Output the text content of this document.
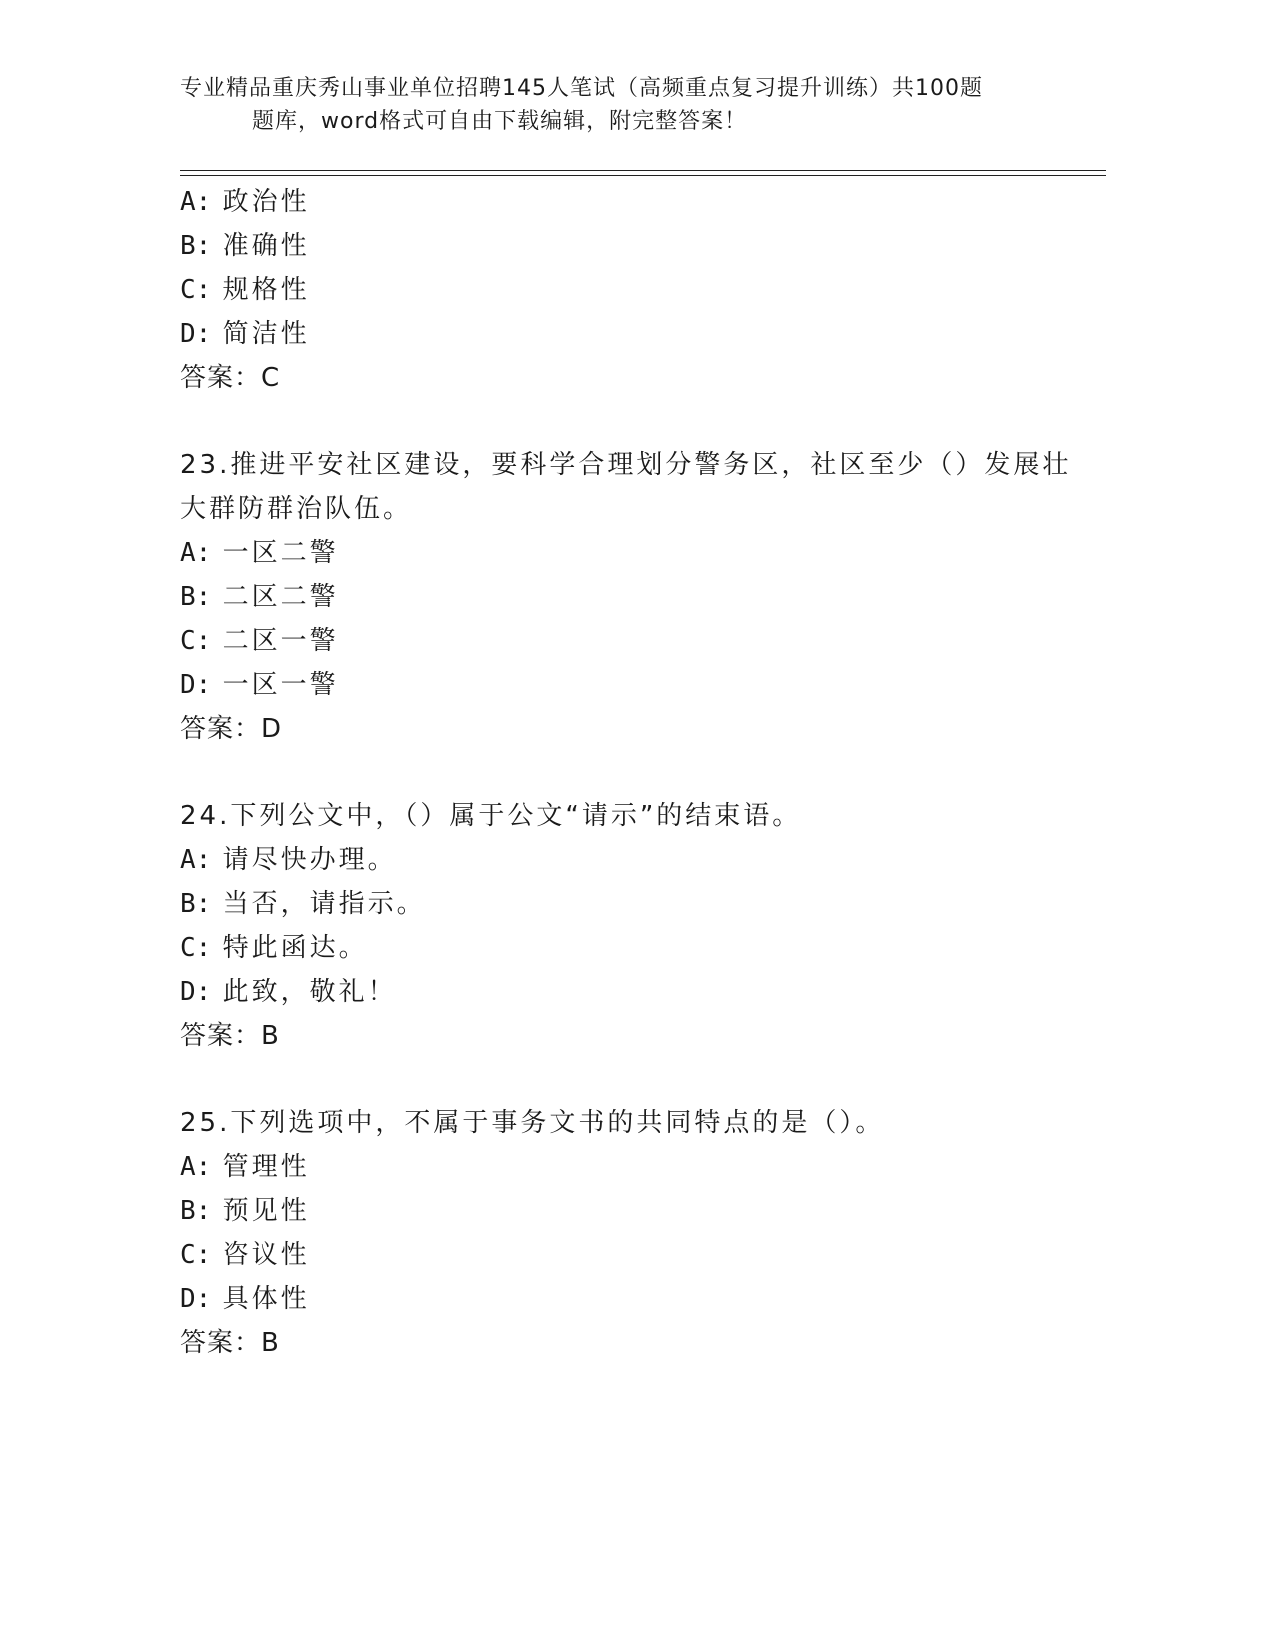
专业精品重庆秀山事业单位招聘145人笔试（高频重点复习提升训练）共100题
题库，word格式可自由下载编辑，附完整答案！
A: 政治性
B: 准确性
C: 规格性
D: 简洁性
答案：C
23.推进平安社区建设，要科学合理划分警务区，社区至少（）发展壮
大群防群治队伍。
A: 一区二警
B: 二区二警
C: 二区一警
D: 一区一警
答案：D
24.下列公文中，（）属于公文“请示”的结束语。
A: 请尽快办理。
B: 当否，请指示。
C: 特此函达。
D: 此致，敬礼！
答案：B
25.下列选项中，不属于事务文书的共同特点的是（）。
A: 管理性
B: 预见性
C: 咨议性
D: 具体性
答案：B
